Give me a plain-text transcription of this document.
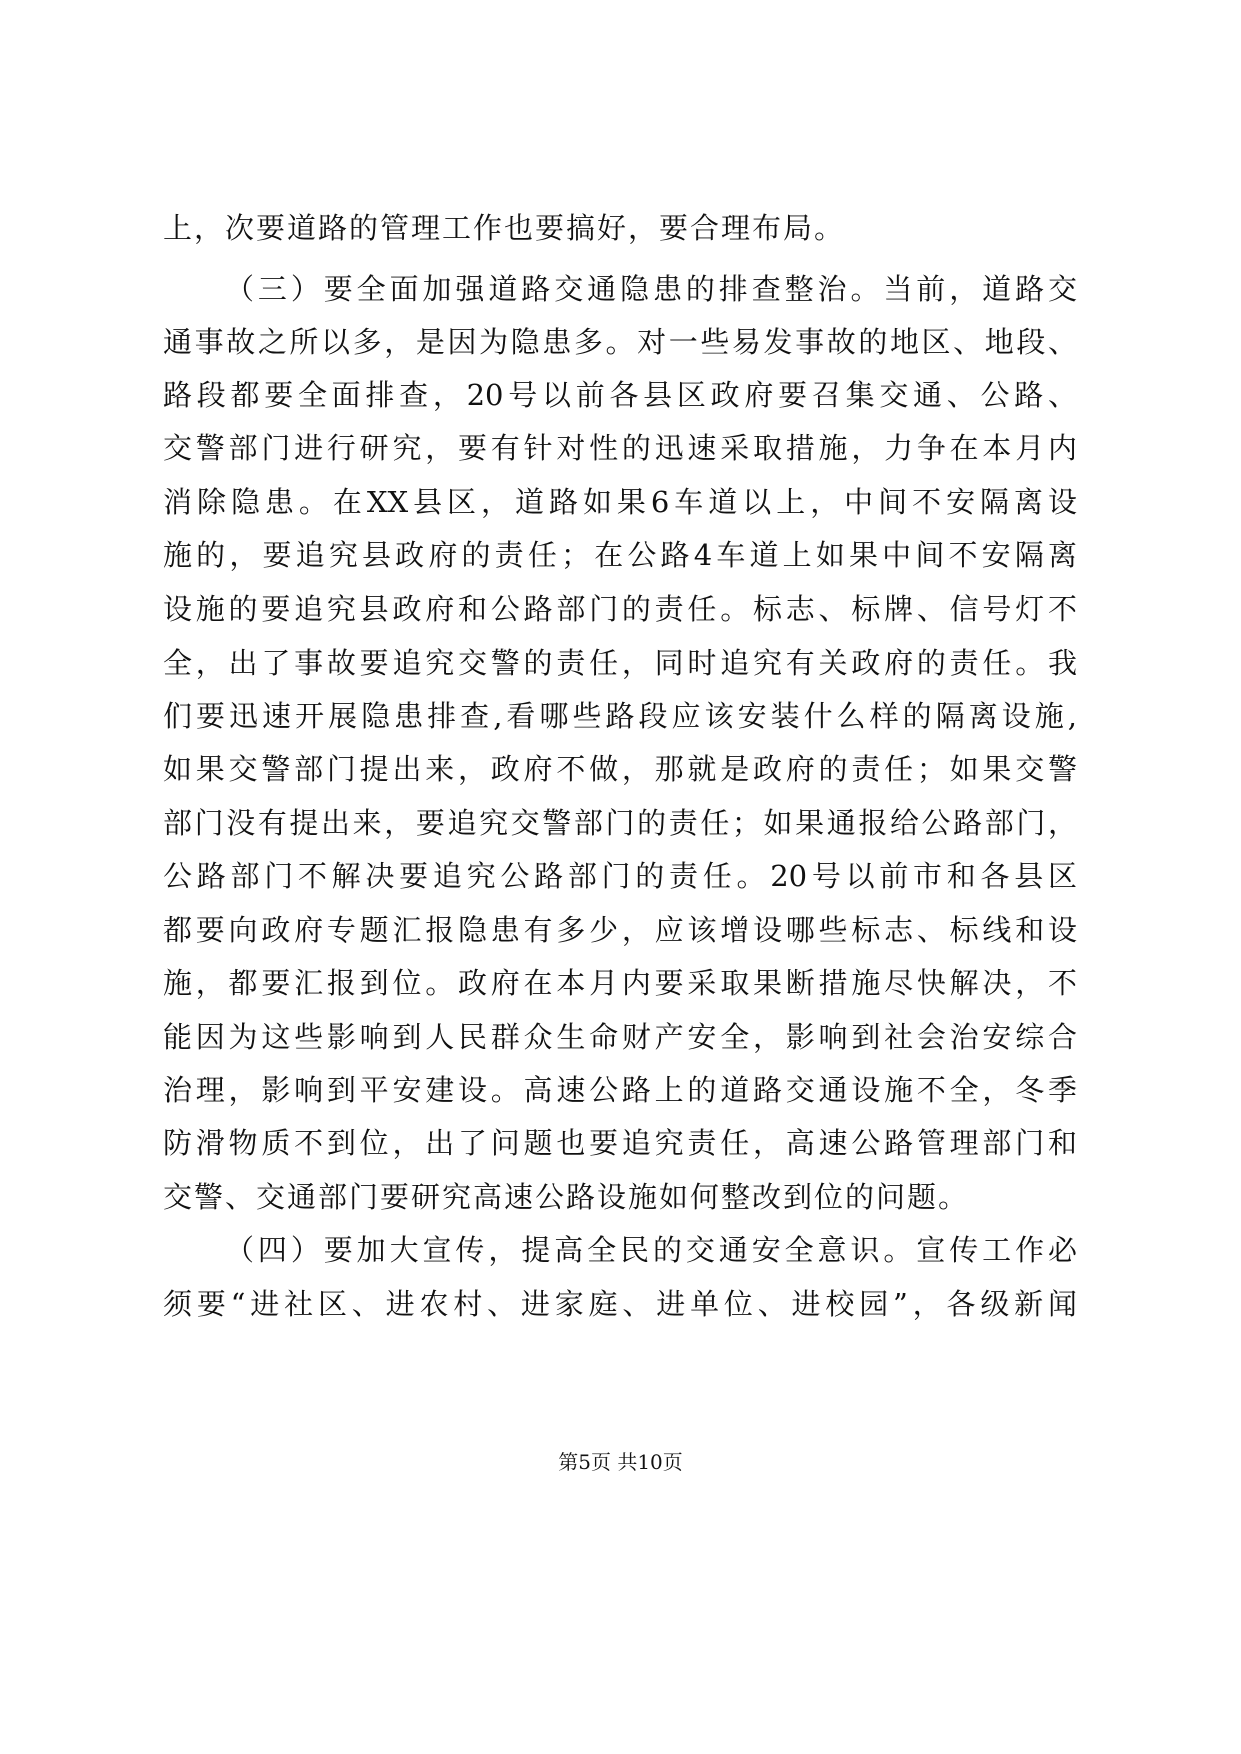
上，次要道路的管理工作也要搞好，要合理布局。
（三）要全面加强道路交通隐患的排查整治。当前，道路交
通事故之所以多，是因为隐患多。对一些易发事故的地区、地段、
路段都要全面排查，20号以前各县区政府要召集交通、公路、
交警部门进行研究，要有针对性的迅速采取措施，力争在本月内
消除隐患。在XX县区，道路如果6车道以上，中间不安隔离设
施的，要追究县政府的责任；在公路4车道上如果中间不安隔离
设施的要追究县政府和公路部门的责任。标志、标牌、信号灯不
全，出了事故要追究交警的责任，同时追究有关政府的责任。我
们要迅速开展隐患排查,看哪些路段应该安装什么样的隔离设施,
如果交警部门提出来，政府不做，那就是政府的责任；如果交警
部门没有提出来，要追究交警部门的责任；如果通报给公路部门，
公路部门不解决要追究公路部门的责任。20号以前市和各县区
都要向政府专题汇报隐患有多少，应该增设哪些标志、标线和设
施，都要汇报到位。政府在本月内要采取果断措施尽快解决，不
能因为这些影响到人民群众生命财产安全，影响到社会治安综合
治理，影响到平安建设。高速公路上的道路交通设施不全，冬季
防滑物质不到位，出了问题也要追究责任，高速公路管理部门和
交警、交通部门要研究高速公路设施如何整改到位的问题。
（四）要加大宣传，提高全民的交通安全意识。宣传工作必
须要“进社区、进农村、进家庭、进单位、进校园”，各级新闻
第5页 共10页
